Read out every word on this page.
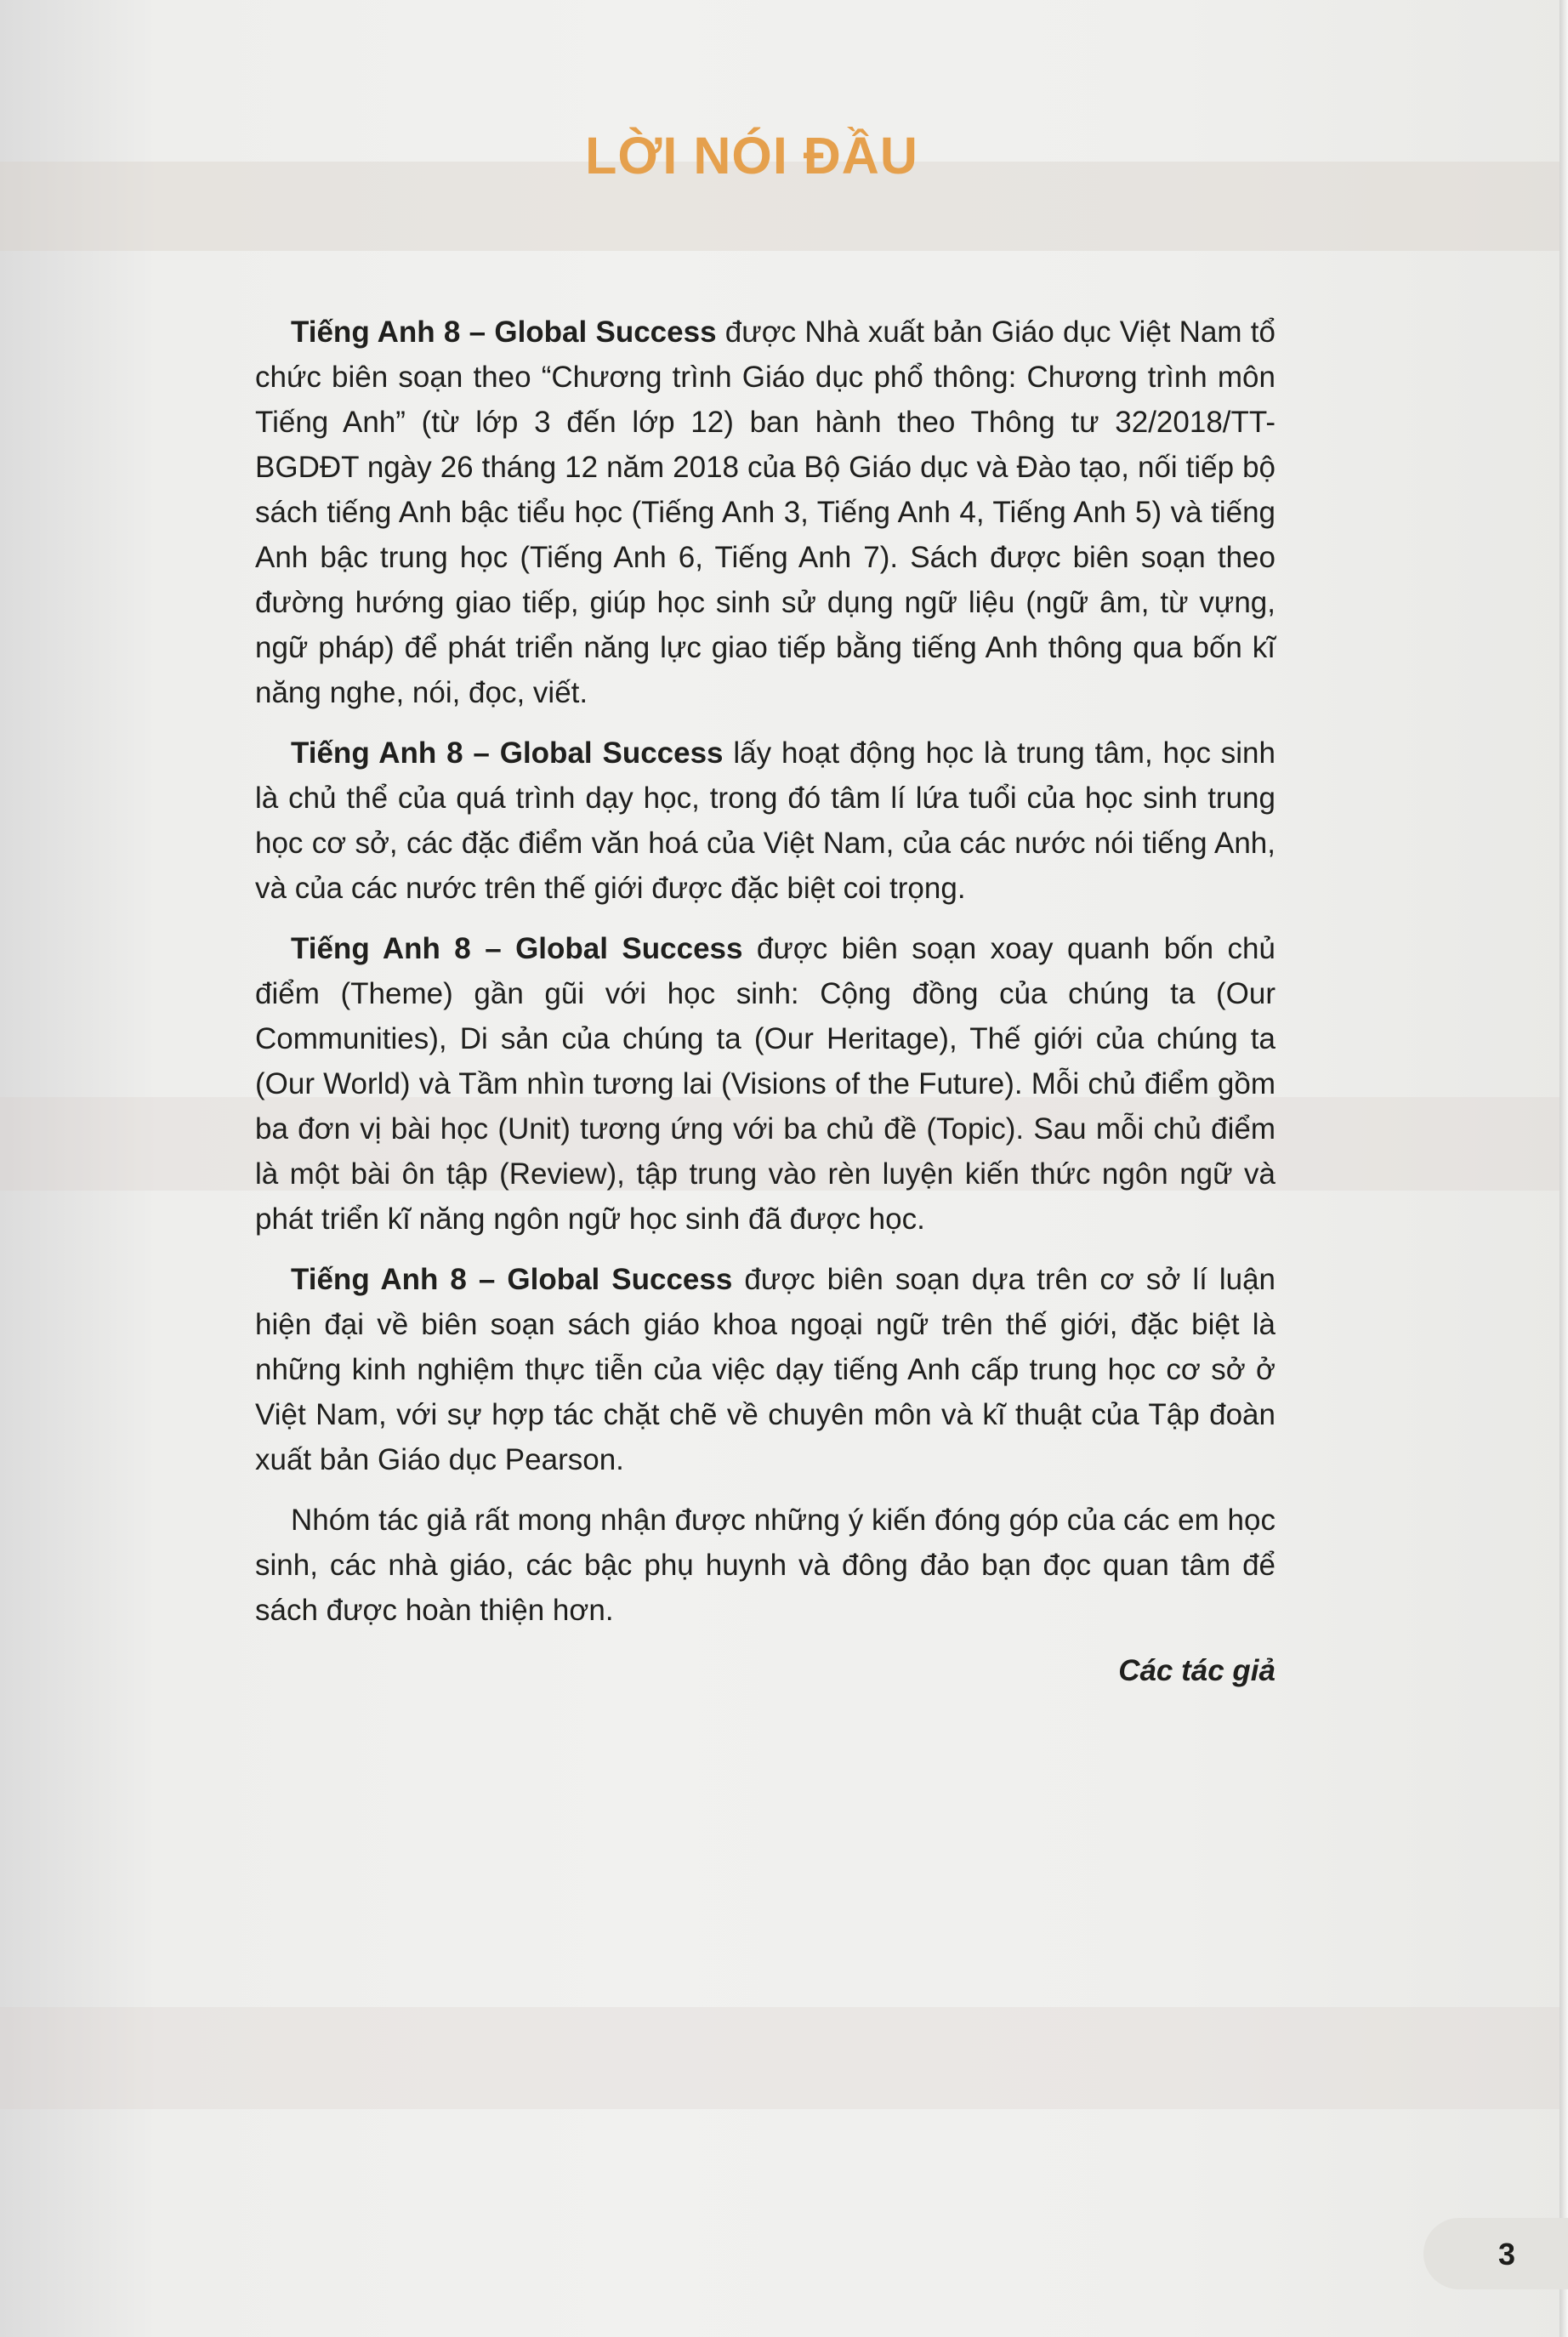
LỜI NÓI ĐẦU

Tiếng Anh 8 – Global Success được Nhà xuất bản Giáo dục Việt Nam tổ chức biên soạn theo “Chương trình Giáo dục phổ thông: Chương trình môn Tiếng Anh” (từ lớp 3 đến lớp 12) ban hành theo Thông tư 32/2018/TT-BGDĐT ngày 26 tháng 12 năm 2018 của Bộ Giáo dục và Đào tạo, nối tiếp bộ sách tiếng Anh bậc tiểu học (Tiếng Anh 3, Tiếng Anh 4, Tiếng Anh 5) và tiếng Anh bậc trung học (Tiếng Anh 6, Tiếng Anh 7). Sách được biên soạn theo đường hướng giao tiếp, giúp học sinh sử dụng ngữ liệu (ngữ âm, từ vựng, ngữ pháp) để phát triển năng lực giao tiếp bằng tiếng Anh thông qua bốn kĩ năng nghe, nói, đọc, viết.

Tiếng Anh 8 – Global Success lấy hoạt động học là trung tâm, học sinh là chủ thể của quá trình dạy học, trong đó tâm lí lứa tuổi của học sinh trung học cơ sở, các đặc điểm văn hoá của Việt Nam, của các nước nói tiếng Anh, và của các nước trên thế giới được đặc biệt coi trọng.

Tiếng Anh 8 – Global Success được biên soạn xoay quanh bốn chủ điểm (Theme) gần gũi với học sinh: Cộng đồng của chúng ta (Our Communities), Di sản của chúng ta (Our Heritage), Thế giới của chúng ta (Our World) và Tầm nhìn tương lai (Visions of the Future). Mỗi chủ điểm gồm ba đơn vị bài học (Unit) tương ứng với ba chủ đề (Topic). Sau mỗi chủ điểm là một bài ôn tập (Review), tập trung vào rèn luyện kiến thức ngôn ngữ và phát triển kĩ năng ngôn ngữ học sinh đã được học.

Tiếng Anh 8 – Global Success được biên soạn dựa trên cơ sở lí luận hiện đại về biên soạn sách giáo khoa ngoại ngữ trên thế giới, đặc biệt là những kinh nghiệm thực tiễn của việc dạy tiếng Anh cấp trung học cơ sở ở Việt Nam, với sự hợp tác chặt chẽ về chuyên môn và kĩ thuật của Tập đoàn xuất bản Giáo dục Pearson.

Nhóm tác giả rất mong nhận được những ý kiến đóng góp của các em học sinh, các nhà giáo, các bậc phụ huynh và đông đảo bạn đọc quan tâm để sách được hoàn thiện hơn.

Các tác giả

3
